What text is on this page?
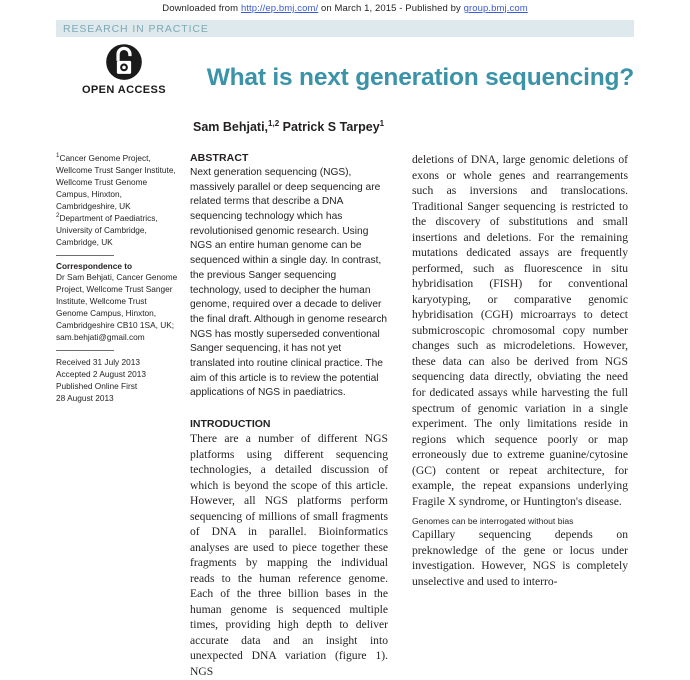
Downloaded from http://ep.bmj.com/ on March 1, 2015 - Published by group.bmj.com
RESEARCH IN PRACTICE
OPEN ACCESS	What is next generation sequencing?
Sam Behjati,$^{1,2}$ Patrick S Tarpey$^1$
$^1$Cancer Genome Project, Wellcome Trust Sanger Institute, Wellcome Trust Genome Campus, Hinxton, Cambridgeshire, UK
$^2$Department of Paediatrics, University of Cambridge, Cambridge, UK
Correspondence to
Dr Sam Behjati, Cancer Genome Project, Wellcome Trust Sanger Institute, Wellcome Trust Genome Campus, Hinxton, Cambridgeshire CB10 1SA, UK; sam.behjati@gmail.com
Received 31 July 2013
Accepted 2 August 2013
Published Online First
28 August 2013
ABSTRACT

Next generation sequencing (NGS), massively parallel or deep sequencing are related terms that describe a DNA sequencing technology which has revolutionised genomic research. Using NGS an entire human genome can be sequenced within a single day. In contrast, the previous Sanger sequencing technology, used to decipher the human genome, required over a decade to deliver the final draft. Although in genome research NGS has mostly superseded conventional Sanger sequencing, it has not yet translated into routine clinical practice. The aim of this article is to review the potential applications of NGS in paediatrics.

INTRODUCTION

There are a number of different NGS platforms using different sequencing technologies, a detailed discussion of which is beyond the scope of this article. However, all NGS platforms perform sequencing of millions of small fragments of DNA in parallel. Bioinformatics analyses are used to piece together these fragments by mapping the individual reads to the human reference genome. Each of the three billion bases in the human genome is sequenced multiple times, providing high depth to deliver accurate data and an insight into unexpected DNA variation (figure 1). NGS

deletions of DNA, large genomic deletions of exons or whole genes and rearrangements such as inversions and translocations. Traditional Sanger sequencing is restricted to the discovery of substitutions and small insertions and deletions. For the remaining mutations dedicated assays are frequently performed, such as fluorescence in situ hybridisation (FISH) for conventional karyotyping, or comparative genomic hybridisation (CGH) microarrays to detect submicroscopic chromosomal copy number changes such as microdeletions. However, these data can also be derived from NGS sequencing data directly, obviating the need for dedicated assays while harvesting the full spectrum of genomic variation in a single experiment. The only limitations reside in regions which sequence poorly or map erroneously due to extreme guanine/cytosine (GC) content or repeat architecture, for example, the repeat expansions underlying Fragile X syndrome, or Huntington's disease.

Genomes can be interrogated without bias

Capillary sequencing depends on preknowledge of the gene or locus under investigation. However, NGS is completely unselective and used to interro-
